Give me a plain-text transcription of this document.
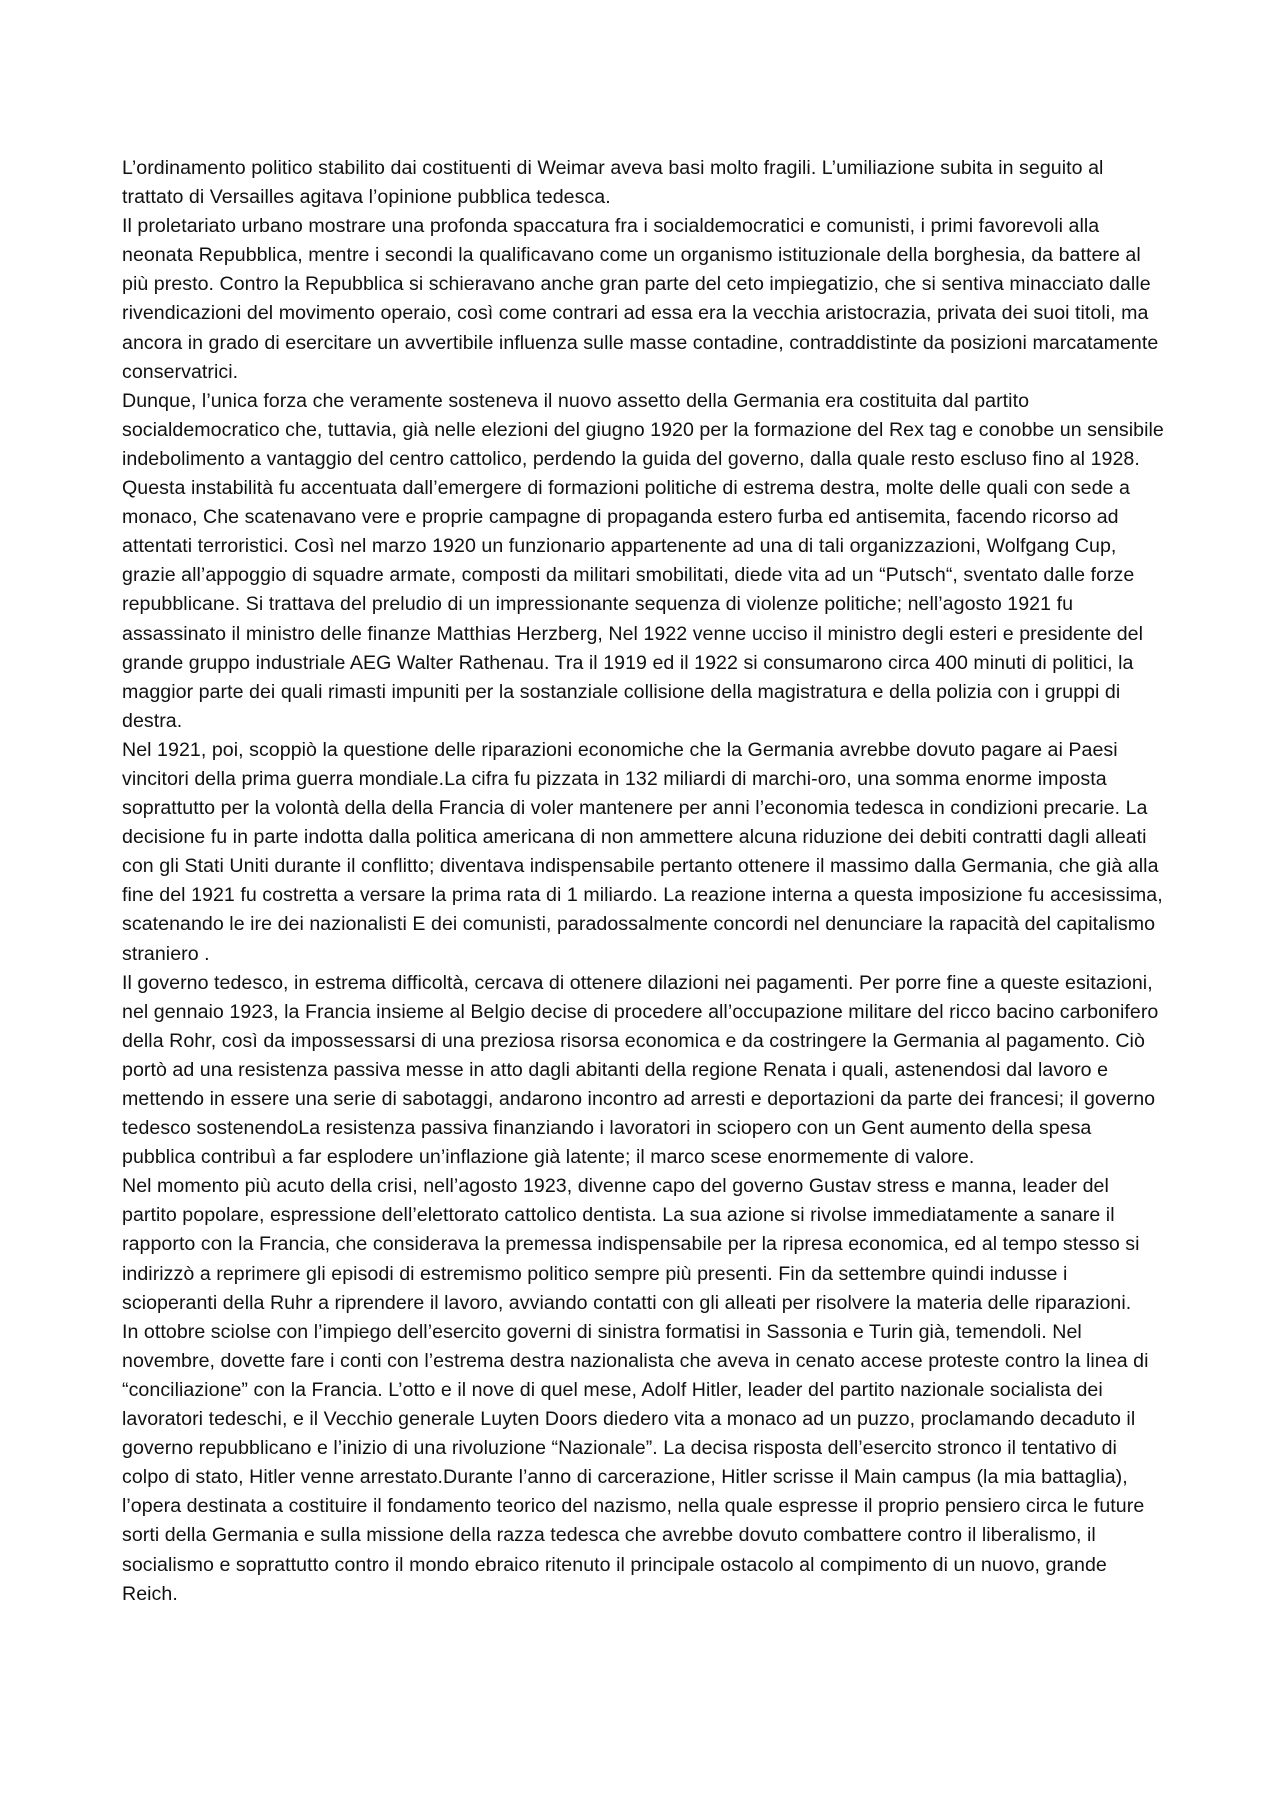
L’ordinamento politico stabilito dai costituenti di Weimar aveva basi molto fragili. L’umiliazione subita in seguito al trattato di Versailles agitava l’opinione pubblica tedesca.

Il proletariato urbano mostrare una profonda spaccatura fra i socialdemocratici e comunisti, i primi favorevoli alla neonata Repubblica, mentre i secondi la qualificavano come un organismo istituzionale della borghesia, da battere al più presto. Contro la Repubblica si schieravano anche gran parte del ceto impiegatizio, che si sentiva minacciato dalle rivendicazioni del movimento operaio, così come contrari ad essa era la vecchia aristocrazia, privata dei suoi titoli, ma ancora in grado di esercitare un avvertibile influenza sulle masse contadine, contraddistinte da posizioni marcatamente conservatrici.

Dunque, l’unica forza che veramente sosteneva il nuovo assetto della Germania era costituita dal partito socialdemocratico che, tuttavia, già nelle elezioni del giugno 1920 per la formazione del Rex tag e conobbe un sensibile indebolimento a vantaggio del centro cattolico, perdendo la guida del governo, dalla quale resto escluso fino al 1928. Questa instabilità fu accentuata dall’emergere di formazioni politiche di estrema destra, molte delle quali con sede a monaco, Che scatenavano vere e proprie campagne di propaganda estero furba ed antisemita, facendo ricorso ad attentati terroristici. Così nel marzo 1920 un funzionario appartenente ad una di tali organizzazioni, Wolfgang Cup, grazie all’appoggio di squadre armate, composti da militari smobilitati, diede vita ad un “Putsch“, sventato dalle forze repubblicane. Si trattava del preludio di un impressionante sequenza di violenze politiche; nell’agosto 1921 fu assassinato il ministro delle finanze Matthias Herzberg, Nel 1922 venne ucciso il ministro degli esteri e presidente del grande gruppo industriale AEG Walter Rathenau. Tra il 1919 ed il 1922 si consumarono circa 400 minuti di politici, la maggior parte dei quali rimasti impuniti per la sostanziale collisione della magistratura e della polizia con i gruppi di destra.

Nel 1921, poi, scoppiò la questione delle riparazioni economiche che la Germania avrebbe dovuto pagare ai Paesi vincitori della prima guerra mondiale.La cifra fu pizzata in 132 miliardi di marchi-oro, una somma enorme imposta soprattutto per la volontà della della Francia di voler mantenere per anni l’economia tedesca in condizioni precarie. La decisione fu in parte indotta dalla politica americana di non ammettere alcuna riduzione dei debiti contratti dagli alleati con gli Stati Uniti durante il conflitto; diventava indispensabile pertanto ottenere il massimo dalla Germania, che già alla fine del 1921 fu costretta a versare la prima rata di 1 miliardo. La reazione interna a questa imposizione fu accesissima, scatenando le ire dei nazionalisti E dei comunisti, paradossalmente concordi nel denunciare la rapacità del capitalismo straniero .

Il governo tedesco, in estrema difficoltà, cercava di ottenere dilazioni nei pagamenti. Per porre fine a queste esitazioni, nel gennaio 1923, la Francia insieme al Belgio decise di procedere all’occupazione militare del ricco bacino carbonifero della Rohr, così da impossessarsi di una preziosa risorsa economica e da costringere la Germania al pagamento. Ciò portò ad una resistenza passiva messe in atto dagli abitanti della regione Renata i quali, astenendosi dal lavoro e mettendo in essere una serie di sabotaggi, andarono incontro ad arresti e deportazioni da parte dei francesi; il governo tedesco sostenendoLa resistenza passiva finanziando i lavoratori in sciopero con un Gent aumento della spesa pubblica contribuì a far esplodere un’inflazione già latente; il marco scese enormemente di valore.

Nel momento più acuto della crisi, nell’agosto 1923, divenne capo del governo Gustav stress e manna, leader del partito popolare, espressione dell’elettorato cattolico dentista. La sua azione si rivolse immediatamente a sanare il rapporto con la Francia, che considerava la premessa indispensabile per la ripresa economica, ed al tempo stesso si indirizzò a reprimere gli episodi di estremismo politico sempre più presenti. Fin da settembre quindi indusse i scioperanti della Ruhr a riprendere il lavoro, avviando contatti con gli alleati per risolvere la materia delle riparazioni.

In ottobre sciolse con l’impiego dell’esercito governi di sinistra formatisi in Sassonia e Turin già, temendoli. Nel novembre, dovette fare i conti con l’estrema destra nazionalista che aveva in cenato accese proteste contro la linea di “conciliazione” con la Francia. L’otto e il nove di quel mese, Adolf Hitler, leader del partito nazionale socialista dei lavoratori tedeschi, e il Vecchio generale Luyten Doors diedero vita a monaco ad un puzzo, proclamando decaduto il governo repubblicano e l’inizio di una rivoluzione “Nazionale”. La decisa risposta dell’esercito stronco il tentativo di colpo di stato, Hitler venne arrestato.Durante l’anno di carcerazione, Hitler scrisse il Main campus (la mia battaglia), l’opera destinata a costituire il fondamento teorico del nazismo, nella quale espresse il proprio pensiero circa le future sorti della Germania e sulla missione della razza tedesca che avrebbe dovuto combattere contro il liberalismo, il socialismo e soprattutto contro il mondo ebraico ritenuto il principale ostacolo al compimento di un nuovo, grande Reich.
